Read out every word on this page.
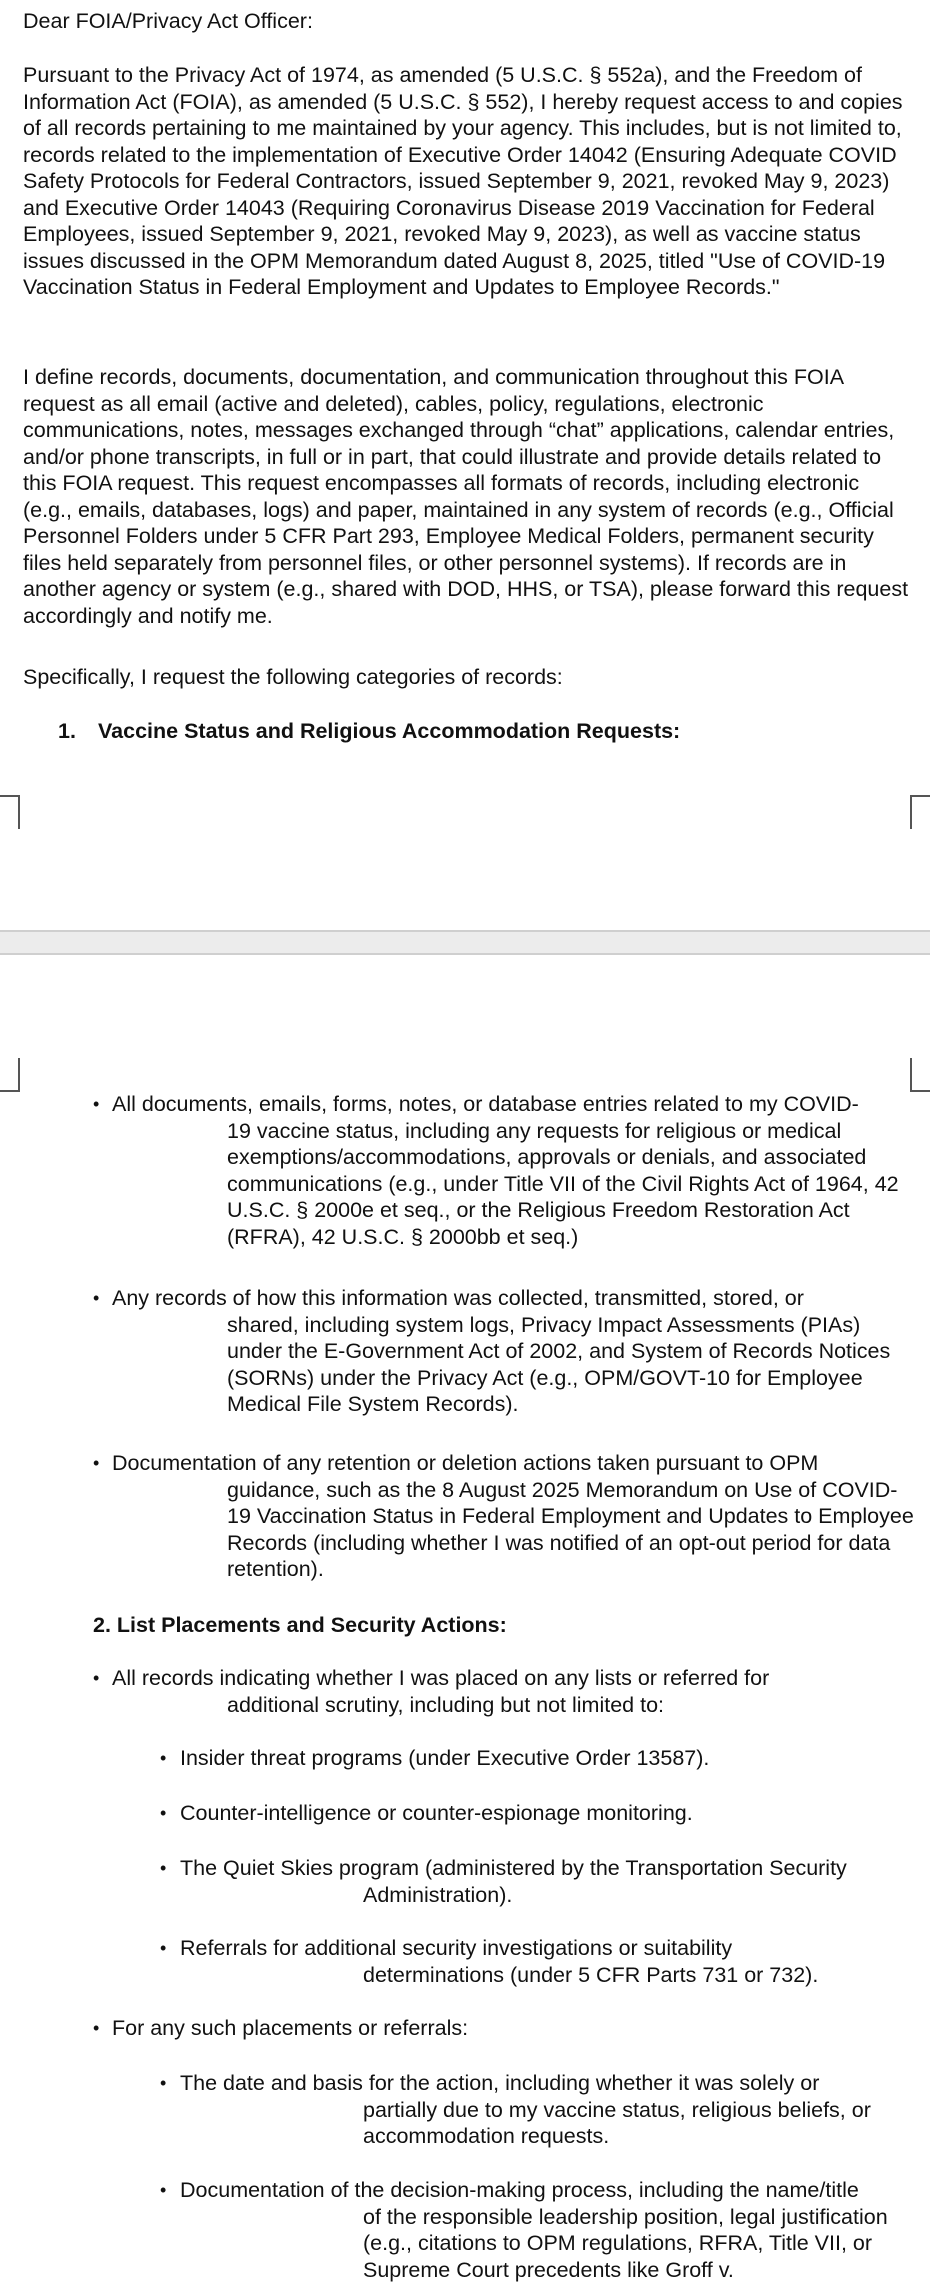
Dear FOIA/Privacy Act Officer:

Pursuant to the Privacy Act of 1974, as amended (5 U.S.C. § 552a), and the Freedom of Information Act (FOIA), as amended (5 U.S.C. § 552), I hereby request access to and copies of all records pertaining to me maintained by your agency. This includes, but is not limited to, records related to the implementation of Executive Order 14042 (Ensuring Adequate COVID Safety Protocols for Federal Contractors, issued September 9, 2021, revoked May 9, 2023) and Executive Order 14043 (Requiring Coronavirus Disease 2019 Vaccination for Federal Employees, issued September 9, 2021, revoked May 9, 2023), as well as vaccine status issues discussed in the OPM Memorandum dated August 8, 2025, titled "Use of COVID-19 Vaccination Status in Federal Employment and Updates to Employee Records."

I define records, documents, documentation, and communication throughout this FOIA request as all email (active and deleted), cables, policy, regulations, electronic communications, notes, messages exchanged through “chat” applications, calendar entries, and/or phone transcripts, in full or in part, that could illustrate and provide details related to this FOIA request. This request encompasses all formats of records, including electronic (e.g., emails, databases, logs) and paper, maintained in any system of records (e.g., Official Personnel Folders under 5 CFR Part 293, Employee Medical Folders, permanent security files held separately from personnel files, or other personnel systems). If records are in another agency or system (e.g., shared with DOD, HHS, or TSA), please forward this request accordingly and notify me.

Specifically, I request the following categories of records:

1. Vaccine Status and Religious Accommodation Requests:
• All documents, emails, forms, notes, or database entries related to my COVID-

19 vaccine status, including any requests for religious or medical exemptions/accommodations, approvals or denials, and associated communications (e.g., under Title VII of the Civil Rights Act of 1964, 42 U.S.C. § 2000e et seq., or the Religious Freedom Restoration Act (RFRA), 42 U.S.C. § 2000bb et seq.)

• Any records of how this information was collected, transmitted, stored, or

shared, including system logs, Privacy Impact Assessments (PIAs) under the E-Government Act of 2002, and System of Records Notices (SORNs) under the Privacy Act (e.g., OPM/GOVT-10 for Employee Medical File System Records).

• Documentation of any retention or deletion actions taken pursuant to OPM

guidance, such as the 8 August 2025 Memorandum on Use of COVID-19 Vaccination Status in Federal Employment and Updates to Employee Records (including whether I was notified of an opt-out period for data retention).

2. List Placements and Security Actions:

• All records indicating whether I was placed on any lists or referred for

additional scrutiny, including but not limited to:

• Insider threat programs (under Executive Order 13587).

• Counter-intelligence or counter-espionage monitoring.

• The Quiet Skies program (administered by the Transportation Security

Administration).

• Referrals for additional security investigations or suitability

determinations (under 5 CFR Parts 731 or 732).

• For any such placements or referrals:

• The date and basis for the action, including whether it was solely or

partially due to my vaccine status, religious beliefs, or accommodation requests.

• Documentation of the decision-making process, including the name/title

of the responsible leadership position, legal justification (e.g., citations to OPM regulations, RFRA, Title VII, or Supreme Court precedents like Groff v.
